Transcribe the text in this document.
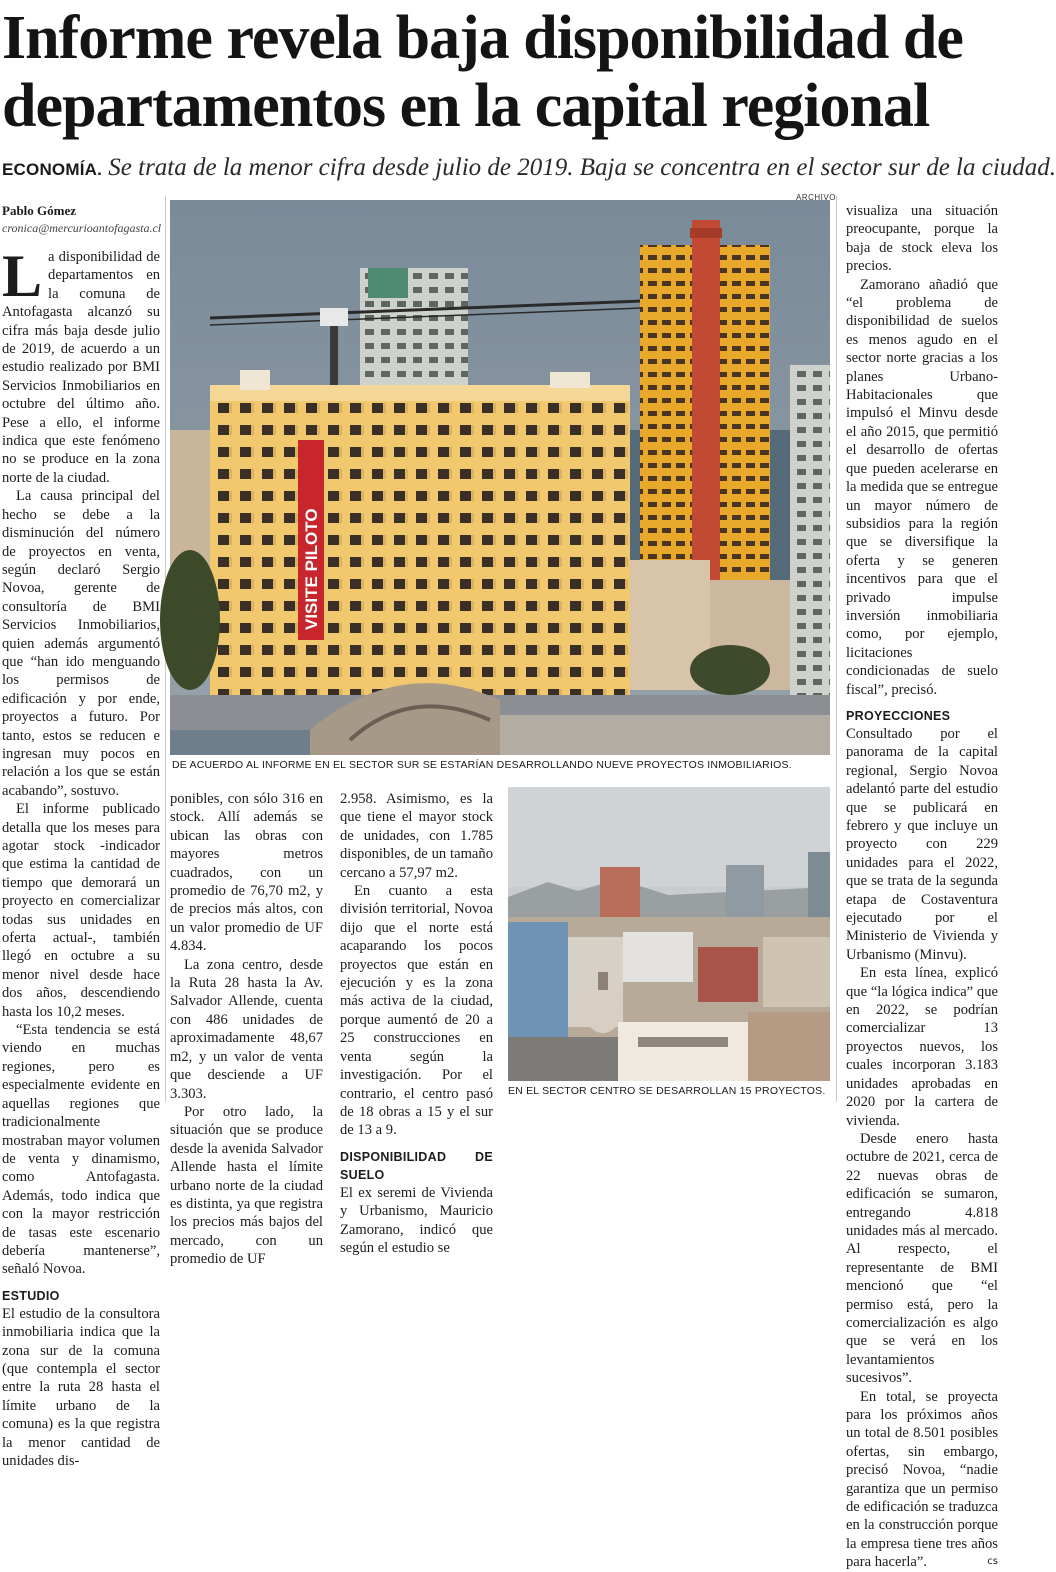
Informe revela baja disponibilidad de departamentos en la capital regional
ECONOMÍA. Se trata de la menor cifra desde julio de 2019. Baja se concentra en el sector sur de la ciudad.
Pablo Gómez
cronica@mercurioantofagasta.cl

La disponibilidad de departamentos en la comuna de Antofagasta alcanzó su cifra más baja desde julio de 2019, de acuerdo a un estudio realizado por BMI Servicios Inmobiliarios en octubre del último año. Pese a ello, el informe indica que este fenómeno no se produce en la zona norte de la ciudad.

La causa principal del hecho se debe a la disminución del número de proyectos en venta, según declaró Sergio Novoa, gerente de consultoría de BMI Servicios Inmobiliarios, quien además argumentó que “han ido menguando los permisos de edificación y por ende, proyectos a futuro. Por tanto, estos se reducen e ingresan muy pocos en relación a los que se están acabando”, sostuvo.

El informe publicado detalla que los meses para agotar stock -indicador que estima la cantidad de tiempo que demorará un proyecto en comercializar todas sus unidades en oferta actual-, también llegó en octubre a su menor nivel desde hace dos años, descendiendo hasta los 10,2 meses.

“Esta tendencia se está viendo en muchas regiones, pero es especialmente evidente en aquellas regiones que tradicionalmente mostraban mayor volumen de venta y dinamismo, como Antofagasta. Además, todo indica que con la mayor restricción de tasas este escenario debería mantenerse”, señaló Novoa.

ESTUDIO

El estudio de la consultora inmobiliaria indica que la zona sur de la comuna (que contempla el sector entre la ruta 28 hasta el límite urbano de la comuna) es la que registra la menor cantidad de unidades dis-

VISITE PILOTO
ARCHIVO
DE ACUERDO AL INFORME EN EL SECTOR SUR SE ESTARÍAN DESARROLLANDO NUEVE PROYECTOS INMOBILIARIOS.

ponibles, con sólo 316 en stock. Allí además se ubican las obras con mayores metros cuadrados, con un promedio de 76,70 m2, y de precios más altos, con un valor promedio de UF 4.834.

La zona centro, desde la Ruta 28 hasta la Av. Salvador Allende, cuenta con 486 unidades de aproximadamente 48,67 m2, y un valor de venta que desciende a UF 3.303.

Por otro lado, la situación que se produce desde la avenida Salvador Allende hasta el límite urbano norte de la ciudad es distinta, ya que registra los precios más bajos del mercado, con un promedio de UF

2.958. Asimismo, es la que tiene el mayor stock de unidades, con 1.785 disponibles, de un tamaño cercano a 57,97 m2.

En cuanto a esta división territorial, Novoa dijo que el norte está acaparando los pocos proyectos que están en ejecución y es la zona más activa de la ciudad, porque aumentó de 20 a 25 construcciones en venta según la investigación. Por el contrario, el centro pasó de 18 obras a 15 y el sur de 13 a 9.

DISPONIBILIDAD DE SUELO

El ex seremi de Vivienda y Urbanismo, Mauricio Zamorano, indicó que según el estudio se

EN EL SECTOR CENTRO SE DESARROLLAN 15 PROYECTOS.

visualiza una situación preocupante, porque la baja de stock eleva los precios.

Zamorano añadió que “el problema de disponibilidad de suelos es menos agudo en el sector norte gracias a los planes Urbano-Habitacionales que impulsó el Minvu desde el año 2015, que permitió el desarrollo de ofertas que pueden acelerarse en la medida que se entregue un mayor número de subsidios para la región que se diversifique la oferta y se generen incentivos para que el privado impulse inversión inmobiliaria como, por ejemplo, licitaciones condicionadas de suelo fiscal”, precisó.

PROYECCIONES

Consultado por el panorama de la capital regional, Sergio Novoa adelantó parte del estudio que se publicará en febrero y que incluye un proyecto con 229 unidades para el 2022, que se trata de la segunda etapa de Costaventura ejecutado por el Ministerio de Vivienda y Urbanismo (Minvu).

En esta línea, explicó que “la lógica indica” que en 2022, se podrían comercializar 13 proyectos nuevos, los cuales incorporan 3.183 unidades aprobadas en 2020 por la cartera de vivienda.

Desde enero hasta octubre de 2021, cerca de 22 nuevas obras de edificación se sumaron, entregando 4.818 unidades más al mercado. Al respecto, el representante de BMI mencionó que “el permiso está, pero la comercialización es algo que se verá en los levantamientos sucesivos”.

En total, se proyecta para los próximos años un total de 8.501 posibles ofertas, sin embargo, precisó Novoa, “nadie garantiza que un permiso de edificación se traduzca en la construcción porque la empresa tiene tres años para hacerla”.	cs
